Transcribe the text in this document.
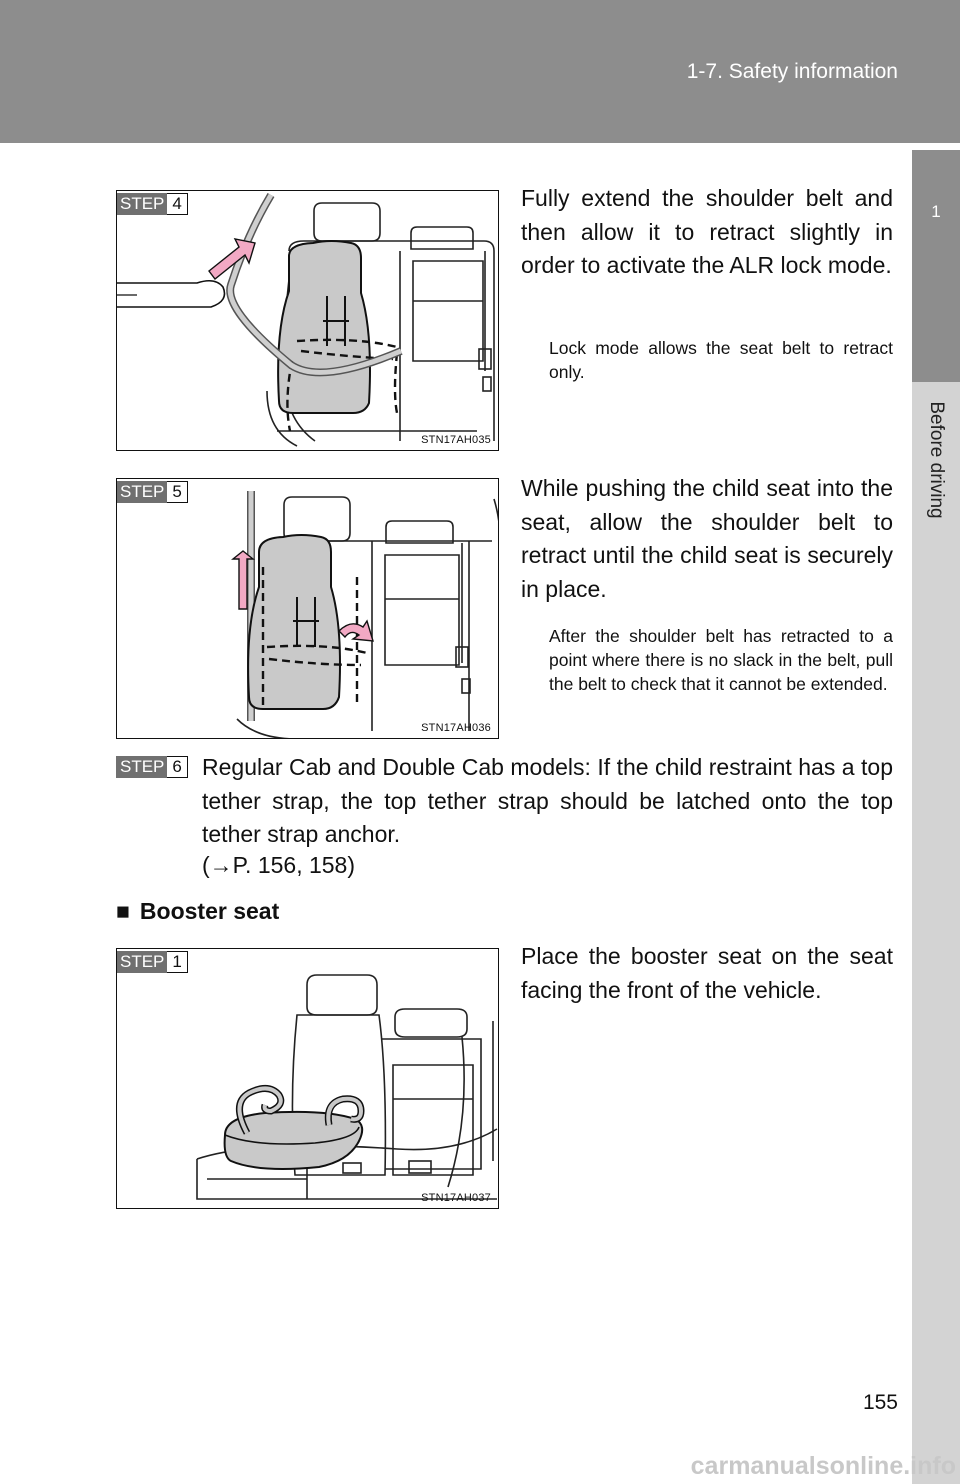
1-7. Safety information
1
Before driving
STEP 4
STN17AH035
Fully extend the shoulder belt and then allow it to retract slightly in order to activate the ALR lock mode.
Lock mode allows the seat belt to retract only.
STEP 5
STN17AH036
While pushing the child seat into the seat, allow the shoulder belt to retract until the child seat is securely in place.
After the shoulder belt has retracted to a point where there is no slack in the belt, pull the belt to check that it cannot be extended.
STEP 6 Regular Cab and Double Cab models: If the child restraint has a top tether strap, the top tether strap should be latched onto the top tether strap anchor.
(→P. 156, 158)
■ Booster seat
STEP 1
STN17AH037
Place the booster seat on the seat facing the front of the vehicle.
155
carmanualsonline.info
